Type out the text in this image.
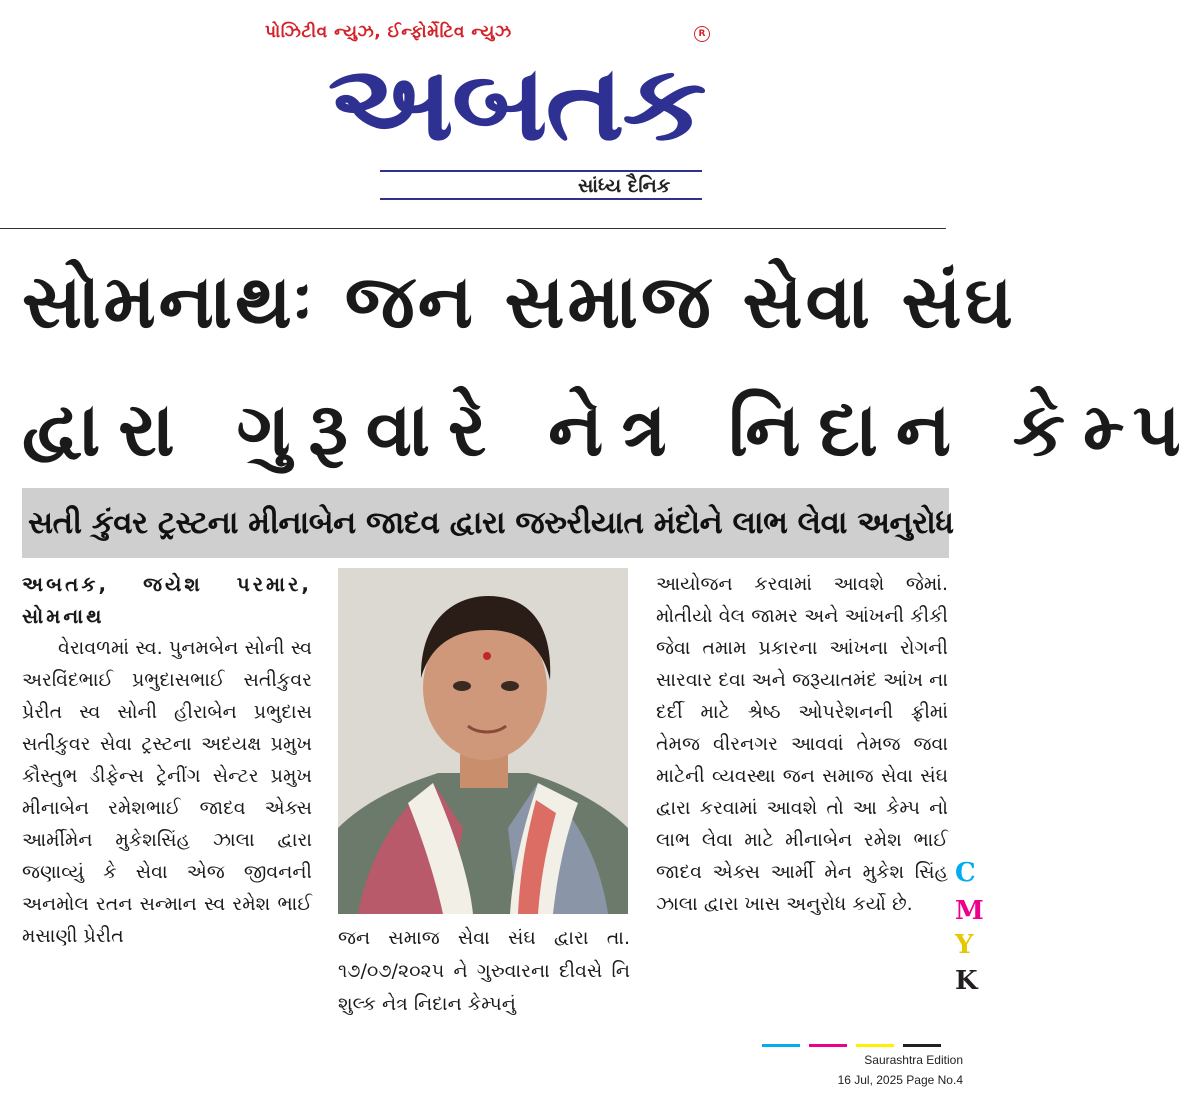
પોઝિટીવ ન્યુઝ, ઈન્ફોર્મેટિવ ન્યુઝ	R
અબતક
સાંધ્ય દૈનિક
સોમનાથઃ જન સમાજ સેવા સંઘ
દ્વારા ગુરૂવારે નેત્ર નિદાન કેમ્પ
સતી કુંવર ટ્રસ્ટના મીનાબેન જાદવ દ્વારા જરુરીયાત મંદોને લાભ લેવા અનુરોધ
અબતક, જયેશ પરમાર, સોમનાથ
વેરાવળમાં સ્વ. પુનમબેન સોની સ્વ અરવિંદભાઈ પ્રભુદાસભાઈ સતીકુવર પ્રેરીત સ્વ સોની હીરાબેન પ્રભુદાસ સતીકુવર સેવા ટ્રસ્ટના અદયક્ષ પ્રમુખ કૌસ્તુભ ડીફેન્સ ટ્રેનીંગ સેન્ટર પ્રમુખ મીનાબેન રમેશભાઈ જાદવ એક્સ આર્મીમેન મુકેશસિંહ ઝાલા દ્વારા જણાવ્યું કે સેવા એજ જીવનની અનમોલ રતન સન્માન સ્વ રમેશ ભાઈ મસાણી પ્રેરીત	જન સમાજ સેવા સંઘ દ્વારા તા. ૧૭/૦૭/૨૦૨૫ ને ગુરુવારના દીવસે નિ શુલ્ક નેત્ર નિદાન કેમ્પનું
આયોજન કરવામાં આવશે જેમાં. મોતીયો વેલ જામર અને આંખની કીકી જેવા તમામ પ્રકારના આંખના રોગની સારવાર દવા અને જરૂયાતમંદ આંખ ના દર્દી માટે શ્રેષ્ઠ ઓપરેશનની ફ્રીમાં તેમજ વીરનગર આવવાં તેમજ જવા માટેની વ્યવસ્થા જન સમાજ સેવા સંઘ દ્વારા કરવામાં આવશે તો આ કેમ્પ નો લાભ લેવા માટે મીનાબેન રમેશ ભાઈ જાદવ એક્સ આર્મી મેન મુકેશ સિંહ ઝાલા દ્વારા ખાસ અનુરોધ કર્યો છે.
C
M
Y
K
Saurashtra Edition
16 Jul, 2025 Page No.4
